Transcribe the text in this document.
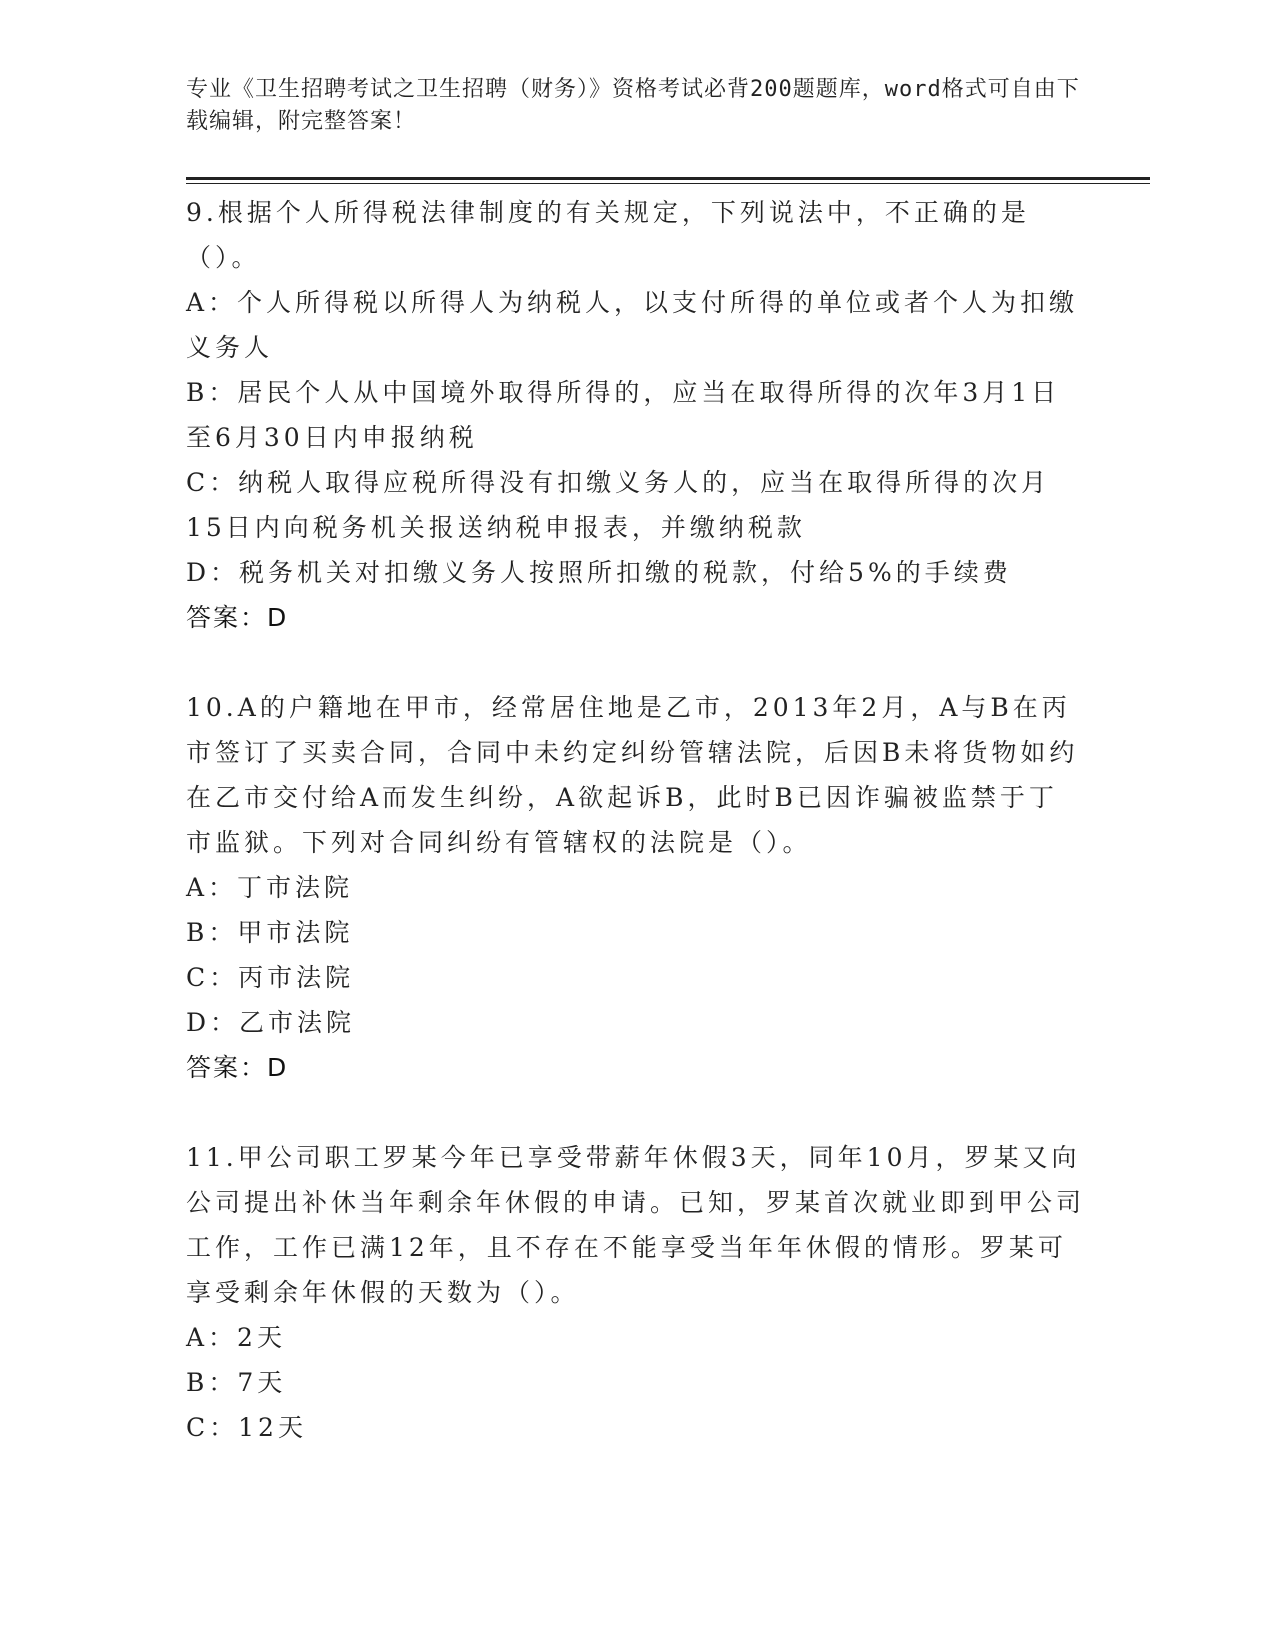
专业《卫生招聘考试之卫生招聘（财务）》资格考试必背200题题库，word格式可自由下载编辑，附完整答案！

9.根据个人所得税法律制度的有关规定，下列说法中，不正确的是（）。

A：个人所得税以所得人为纳税人，以支付所得的单位或者个人为扣缴义务人

B：居民个人从中国境外取得所得的，应当在取得所得的次年3月1日至6月30日内申报纳税

C：纳税人取得应税所得没有扣缴义务人的，应当在取得所得的次月15日内向税务机关报送纳税申报表，并缴纳税款

D：税务机关对扣缴义务人按照所扣缴的税款，付给5%的手续费

答案：D

10.A的户籍地在甲市，经常居住地是乙市，2013年2月，A与B在丙市签订了买卖合同，合同中未约定纠纷管辖法院，后因B未将货物如约在乙市交付给A而发生纠纷，A欲起诉B，此时B已因诈骗被监禁于丁市监狱。下列对合同纠纷有管辖权的法院是（）。

A：丁市法院

B：甲市法院

C：丙市法院

D：乙市法院

答案：D

11.甲公司职工罗某今年已享受带薪年休假3天，同年10月，罗某又向公司提出补休当年剩余年休假的申请。已知，罗某首次就业即到甲公司工作，工作已满12年，且不存在不能享受当年年休假的情形。罗某可享受剩余年休假的天数为（）。

A：2天

B：7天

C：12天
